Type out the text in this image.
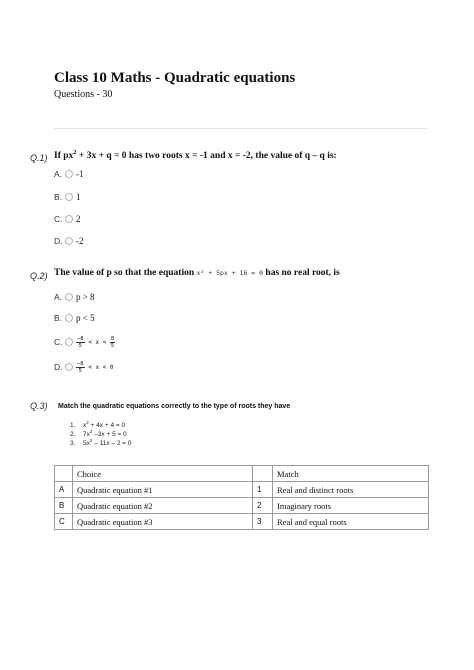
Class 10 Maths - Quadratic equations
Questions - 30
Q.1) If $px^2 + 3x + q = 0$ has two roots x = -1 and x = -2, the value of q – q is:
A.	-1
B.	1
C. 2
D. -2
Q.2) The value of p so that the equation x² + 5px + 16 = 0 has no real root, is
A.	p > 8
B.	p < 5
C.	$\frac{-8}{5} < x < \frac{8}{5}$
D.	$\frac{-8}{5} < x < 0$
Q.3) Match the quadratic equations correctly to the type of roots they have
1. $x^2 + 4x + 4 = 0$
2. $7x^2$ –3x + 5 = 0
3. $5x^2 - 11x - 2 = 0$
	Choice		Match
A	Quadratic equation #1	1	Real and distinct roots
B	Quadratic equation #2	2	Imaginary roots
C	Quadratic equation #3	3	Real and equal roots
